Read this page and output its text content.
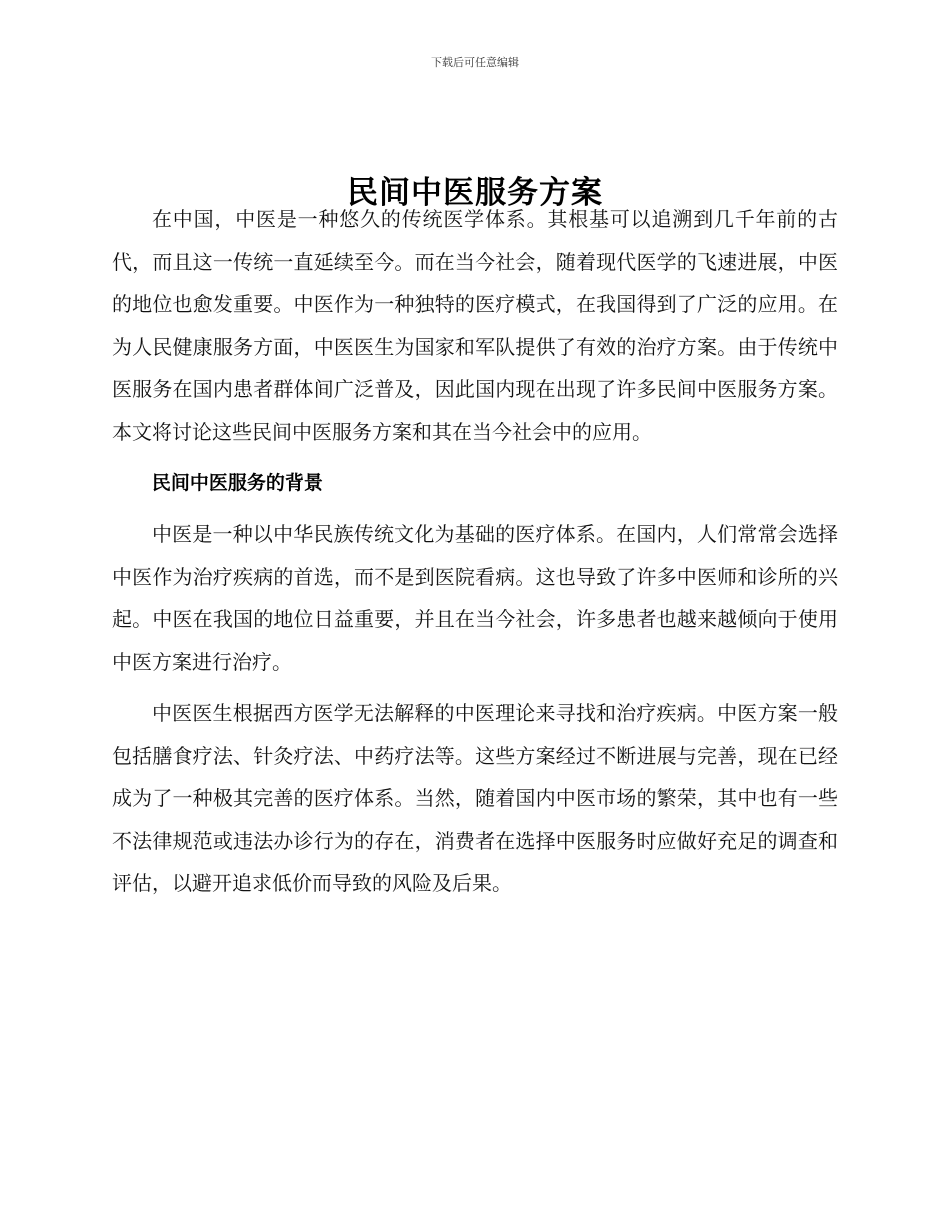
下载后可任意编辑
民间中医服务方案

在中国，中医是一种悠久的传统医学体系。其根基可以追溯到几千年前的古代，而且这一传统一直延续至今。而在当今社会，随着现代医学的飞速进展，中医的地位也愈发重要。中医作为一种独特的医疗模式，在我国得到了广泛的应用。在为人民健康服务方面，中医医生为国家和军队提供了有效的治疗方案。由于传统中医服务在国内患者群体间广泛普及，因此国内现在出现了许多民间中医服务方案。本文将讨论这些民间中医服务方案和其在当今社会中的应用。

民间中医服务的背景

中医是一种以中华民族传统文化为基础的医疗体系。在国内，人们常常会选择中医作为治疗疾病的首选，而不是到医院看病。这也导致了许多中医师和诊所的兴起。中医在我国的地位日益重要，并且在当今社会，许多患者也越来越倾向于使用中医方案进行治疗。

中医医生根据西方医学无法解释的中医理论来寻找和治疗疾病。中医方案一般包括膳食疗法、针灸疗法、中药疗法等。这些方案经过不断进展与完善，现在已经成为了一种极其完善的医疗体系。当然，随着国内中医市场的繁荣，其中也有一些不法律规范或违法办诊行为的存在，消费者在选择中医服务时应做好充足的调查和评估，以避开追求低价而导致的风险及后果。
